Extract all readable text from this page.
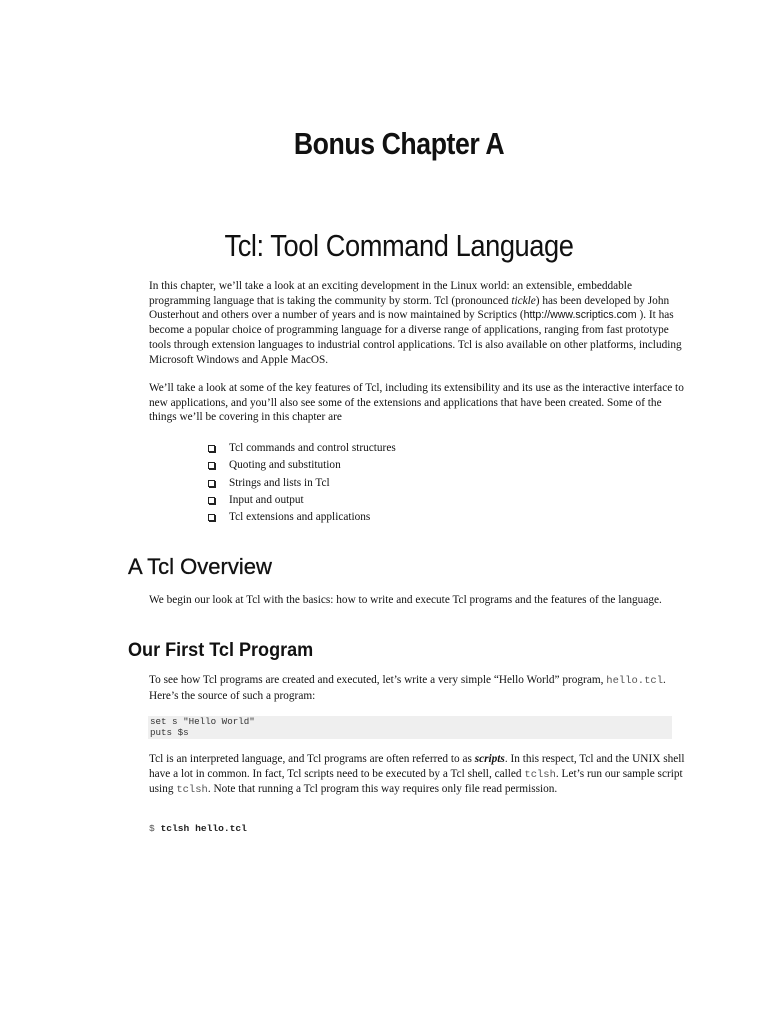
Bonus Chapter A
Tcl: Tool Command Language

In this chapter, we’ll take a look at an exciting development in the Linux world: an extensible, embeddable programming language that is taking the community by storm. Tcl (pronounced tickle) has been developed by John Ousterhout and others over a number of years and is now maintained by Scriptics (http://www.scriptics.com ). It has become a popular choice of programming language for a diverse range of applications, ranging from fast prototype tools through extension languages to industrial control applications. Tcl is also available on other platforms, including Microsoft Windows and Apple MacOS.

We’ll take a look at some of the key features of Tcl, including its extensibility and its use as the interactive interface to new applications, and you’ll also see some of the extensions and applications that have been created. Some of the things we’ll be covering in this chapter are

Tcl commands and control structures
Quoting and substitution
Strings and lists in Tcl
Input and output
Tcl extensions and applications
A Tcl Overview

We begin our look at Tcl with the basics: how to write and execute Tcl programs and the features of the language.

Our First Tcl Program

To see how Tcl programs are created and executed, let’s write a very simple “Hello World” program, hello.tcl. Here’s the source of such a program:

set s "Hello World"
puts $s

Tcl is an interpreted language, and Tcl programs are often referred to as scripts. In this respect, Tcl and the UNIX shell have a lot in common. In fact, Tcl scripts need to be executed by a Tcl shell, called tclsh. Let’s run our sample script using tclsh. Note that running a Tcl program this way requires only file read permission.

$ tclsh hello.tcl
